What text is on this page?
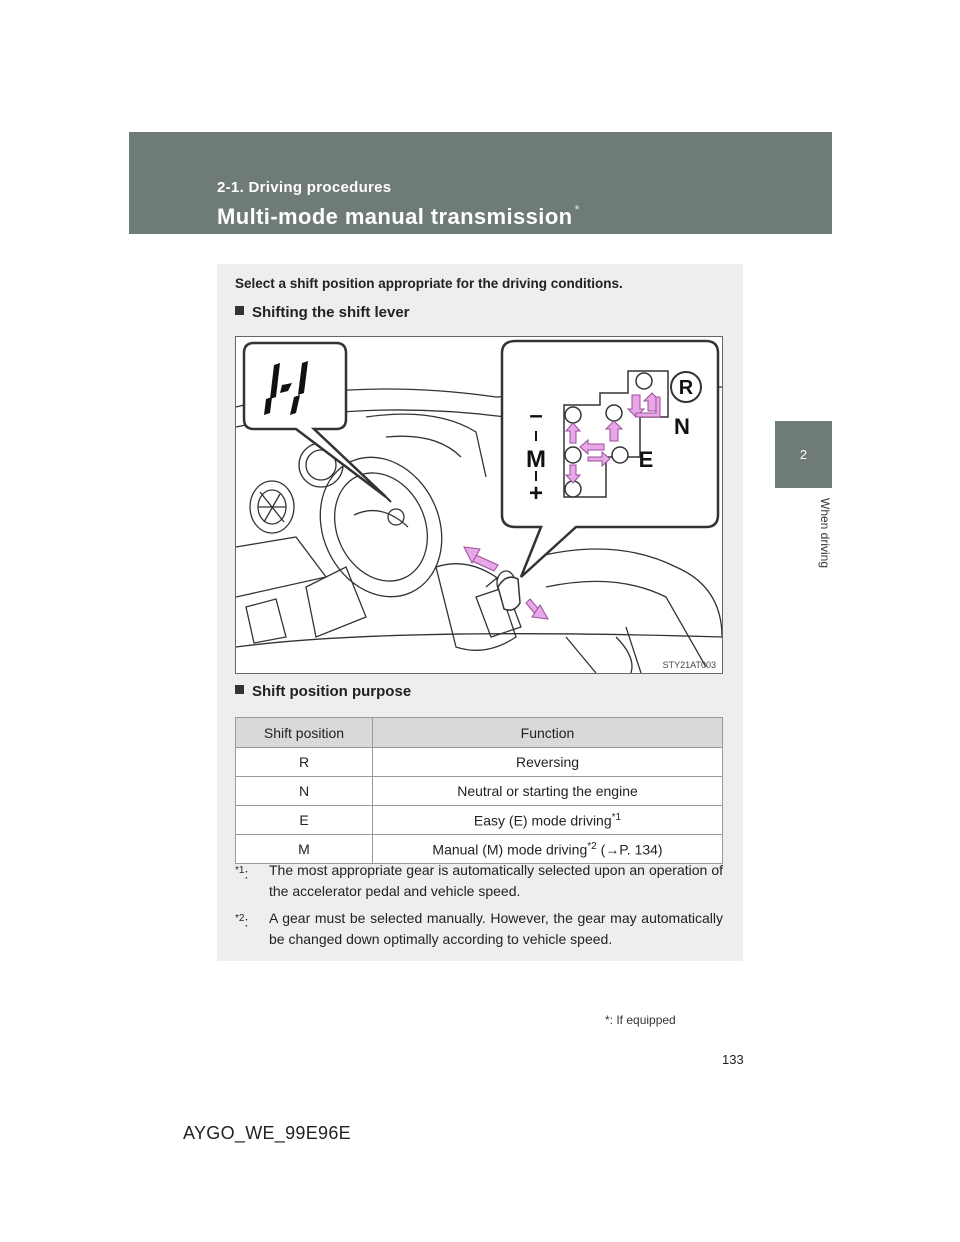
2-1. Driving procedures
Multi-mode manual transmission *
2
When driving
Select a shift position appropriate for the driving conditions.
Shifting the shift lever
R
N
E
–
M
+
STY21AT003
Shift position purpose
Shift position	Function
R	Reversing
N	Neutral or starting the engine
E	Easy (E) mode driving$^{*1}$
M	Manual (M) mode driving$^{*2}$ (→P. 134)
$^{*1}$:	The most appropriate gear is automatically selected upon an operation of the accelerator pedal and vehicle speed.
$^{*2}$:	A gear must be selected manually. However, the gear may automatically be changed down optimally according to vehicle speed.
*: If equipped
133
AYGO_WE_99E96E
